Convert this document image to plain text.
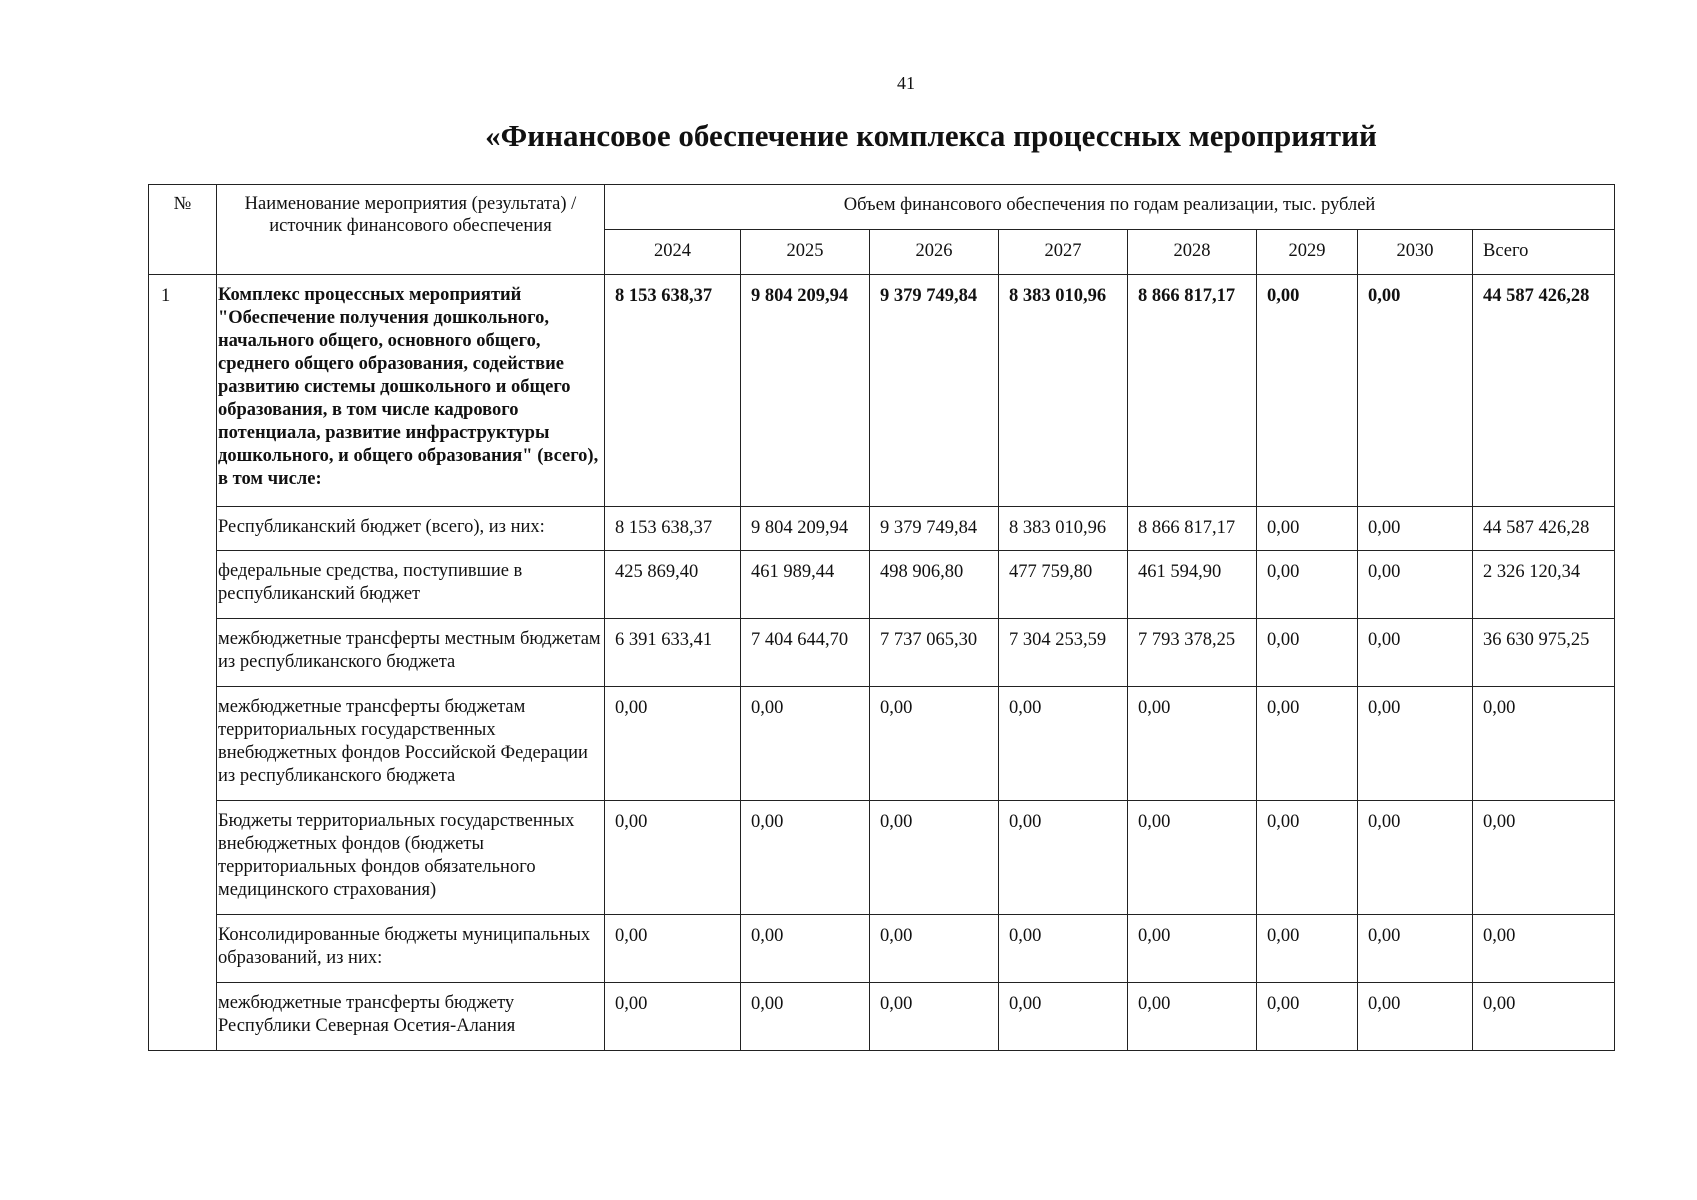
41
«Финансовое обеспечение комплекса процессных мероприятий
№	Наименование мероприятия (результата) / источник финансового обеспечения	Объем финансового обеспечения по годам реализации, тыс. рублей							
		2024	2025	2026	2027	2028	2029	2030	Всего
1	Комплекс процессных мероприятий "Обеспечение получения дошкольного, начального общего, основного общего, среднего общего образования, содействие развитию системы дошкольного и общего образования, в том числе кадрового потенциала, развитие инфраструктуры дошкольного, и общего образования" (всего), в том числе:	8 153 638,37	9 804 209,94	9 379 749,84	8 383 010,96	8 866 817,17	0,00	0,00	44 587 426,28
	Республиканский бюджет (всего), из них:	8 153 638,37	9 804 209,94	9 379 749,84	8 383 010,96	8 866 817,17	0,00	0,00	44 587 426,28
	федеральные средства, поступившие в республиканский бюджет	425 869,40	461 989,44	498 906,80	477 759,80	461 594,90	0,00	0,00	2 326 120,34
	межбюджетные трансферты местным бюджетам из республиканского бюджета	6 391 633,41	7 404 644,70	7 737 065,30	7 304 253,59	7 793 378,25	0,00	0,00	36 630 975,25
	межбюджетные трансферты бюджетам территориальных государственных внебюджетных фондов Российской Федерации из республиканского бюджета	0,00	0,00	0,00	0,00	0,00	0,00	0,00	0,00
	Бюджеты территориальных государственных внебюджетных фондов (бюджеты территориальных фондов обязательного медицинского страхования)	0,00	0,00	0,00	0,00	0,00	0,00	0,00	0,00
	Консолидированные бюджеты муниципальных образований, из них:	0,00	0,00	0,00	0,00	0,00	0,00	0,00	0,00
	межбюджетные трансферты бюджету Республики Северная Осетия-Алания	0,00	0,00	0,00	0,00	0,00	0,00	0,00	0,00
